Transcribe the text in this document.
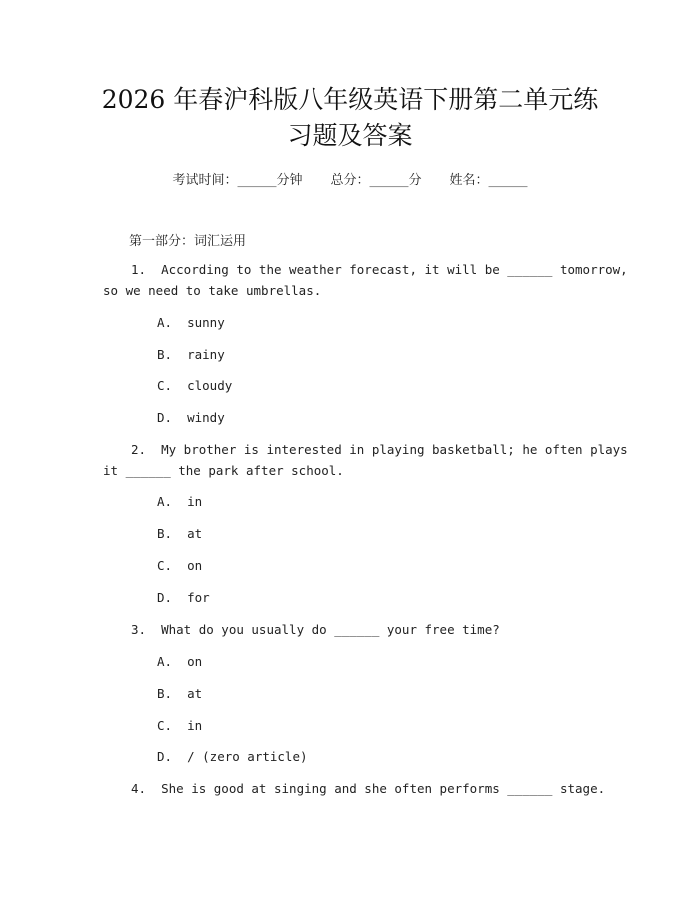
2026 年春沪科版八年级英语下册第二单元练
习题及答案
考试时间：______分钟 总分：______分 姓名：______
第一部分：词汇运用
1.  According to the weather forecast, it will be ______ tomorrow,
so we need to take umbrellas.
A.  sunny
B.  rainy
C.  cloudy
D.  windy
2.  My brother is interested in playing basketball; he often plays
it ______ the park after school.
A.  in
B.  at
C.  on
D.  for
3.  What do you usually do ______ your free time?
A.  on
B.  at
C.  in
D.  / (zero article)
4.  She is good at singing and she often performs ______ stage.
